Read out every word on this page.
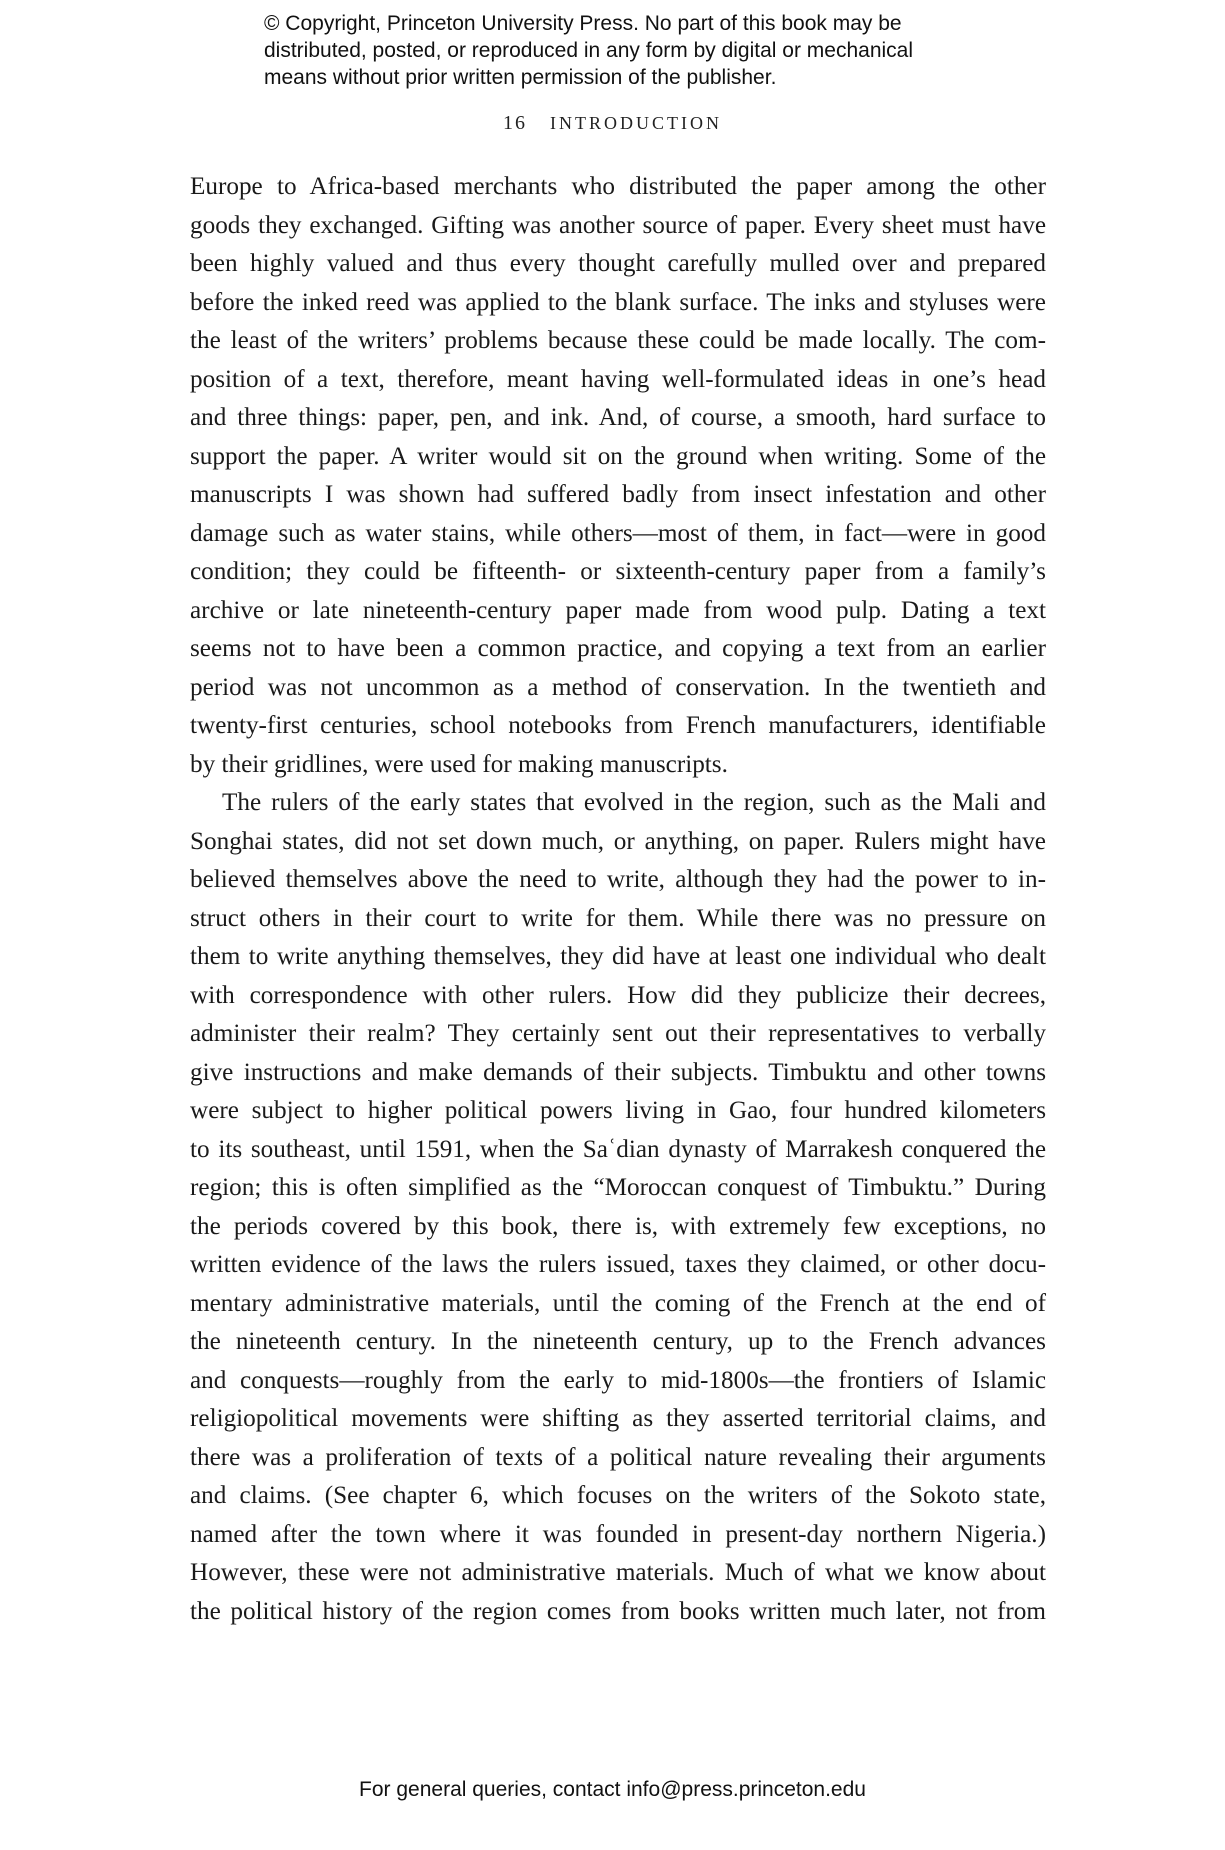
© Copyright, Princeton University Press. No part of this book may be
distributed, posted, or reproduced in any form by digital or mechanical
means without prior written permission of the publisher.
16 INTRODUCTION
Europe to Africa-based merchants who distributed the paper among the other
goods they exchanged. Gifting was another source of paper. Every sheet must have
been highly valued and thus every thought carefully mulled over and prepared
before the inked reed was applied to the blank surface. The inks and styluses were
the least of the writers’ problems because these could be made locally. The com-
position of a text, therefore, meant having well-formulated ideas in one’s head
and three things: paper, pen, and ink. And, of course, a smooth, hard surface to
support the paper. A writer would sit on the ground when writing. Some of the
manuscripts I was shown had suffered badly from insect infestation and other
damage such as water stains, while others—most of them, in fact—were in good
condition; they could be fifteenth- or sixteenth-century paper from a family’s
archive or late nineteenth-century paper made from wood pulp. Dating a text
seems not to have been a common practice, and copying a text from an earlier
period was not uncommon as a method of conservation. In the twentieth and
twenty-first centuries, school notebooks from French manufacturers, identifiable
by their gridlines, were used for making manuscripts.
The rulers of the early states that evolved in the region, such as the Mali and
Songhai states, did not set down much, or anything, on paper. Rulers might have
believed themselves above the need to write, although they had the power to in-
struct others in their court to write for them. While there was no pressure on
them to write anything themselves, they did have at least one individual who dealt
with correspondence with other rulers. How did they publicize their decrees,
administer their realm? They certainly sent out their representatives to verbally
give instructions and make demands of their subjects. Timbuktu and other towns
were subject to higher political powers living in Gao, four hundred kilometers
to its southeast, until 1591, when the Saʿdian dynasty of Marrakesh conquered the
region; this is often simplified as the “Moroccan conquest of Timbuktu.” During
the periods covered by this book, there is, with extremely few exceptions, no
written evidence of the laws the rulers issued, taxes they claimed, or other docu-
mentary administrative materials, until the coming of the French at the end of
the nineteenth century. In the nineteenth century, up to the French advances
and conquests—roughly from the early to mid-1800s—the frontiers of Islamic
religiopolitical movements were shifting as they asserted territorial claims, and
there was a proliferation of texts of a political nature revealing their arguments
and claims. (See chapter 6, which focuses on the writers of the Sokoto state,
named after the town where it was founded in present-day northern Nigeria.)
However, these were not administrative materials. Much of what we know about
the political history of the region comes from books written much later, not from
For general queries, contact info@press.princeton.edu
